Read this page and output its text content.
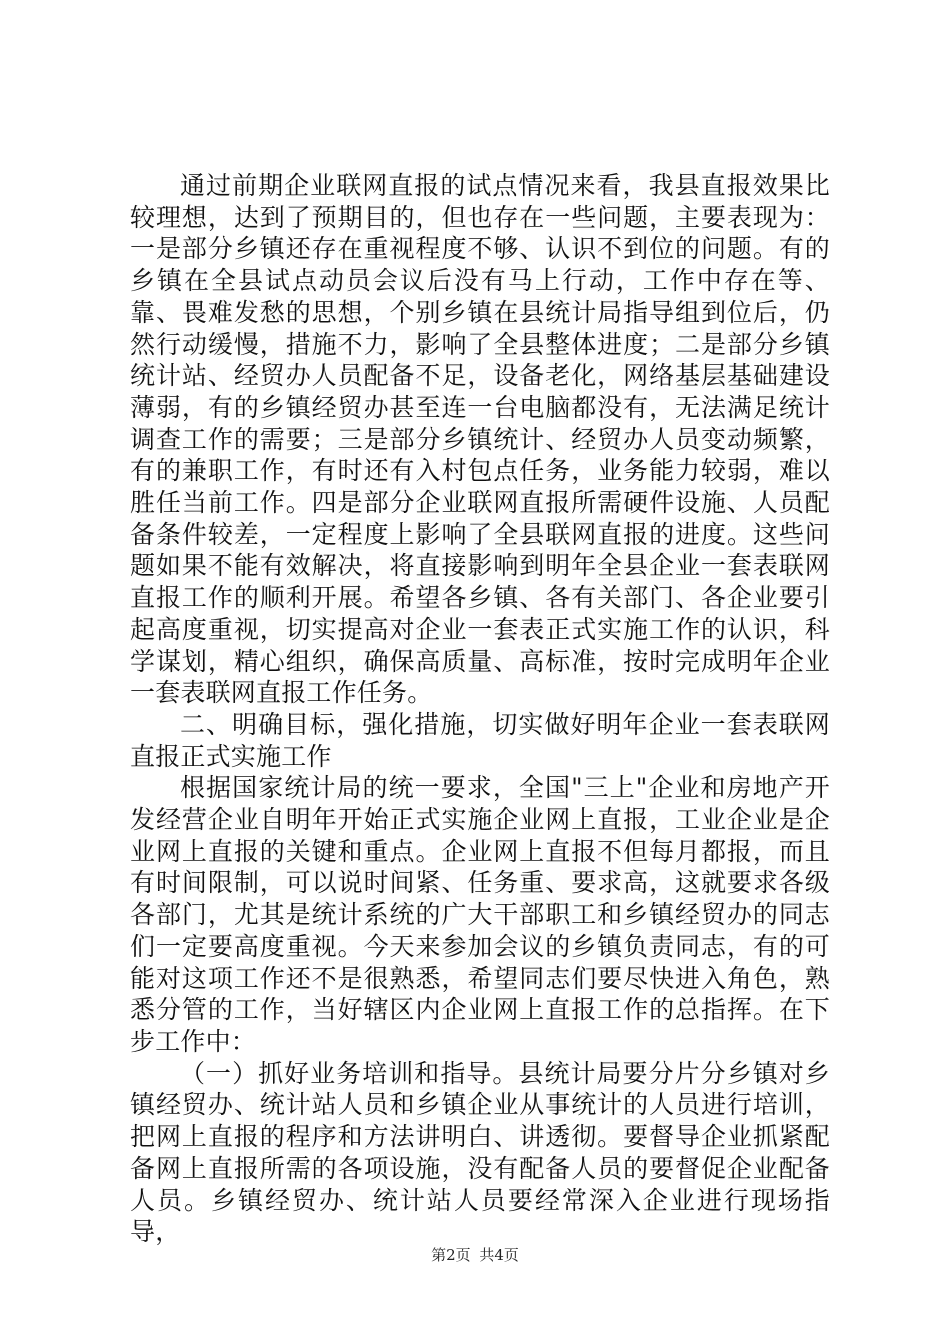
通过前期企业联网直报的试点情况来看，我县直报效果比较理想，达到了预期目的，但也存在一些问题，主要表现为：一是部分乡镇还存在重视程度不够、认识不到位的问题。有的乡镇在全县试点动员会议后没有马上行动，工作中存在等、靠、畏难发愁的思想，个别乡镇在县统计局指导组到位后，仍然行动缓慢，措施不力，影响了全县整体进度；二是部分乡镇统计站、经贸办人员配备不足，设备老化，网络基层基础建设薄弱，有的乡镇经贸办甚至连一台电脑都没有，无法满足统计调查工作的需要；三是部分乡镇统计、经贸办人员变动频繁，有的兼职工作，有时还有入村包点任务，业务能力较弱，难以胜任当前工作。四是部分企业联网直报所需硬件设施、人员配备条件较差，一定程度上影响了全县联网直报的进度。这些问题如果不能有效解决，将直接影响到明年全县企业一套表联网直报工作的顺利开展。希望各乡镇、各有关部门、各企业要引起高度重视，切实提高对企业一套表正式实施工作的认识，科学谋划，精心组织，确保高质量、高标准，按时完成明年企业一套表联网直报工作任务。

二、明确目标，强化措施，切实做好明年企业一套表联网直报正式实施工作

根据国家统计局的统一要求，全国"三上"企业和房地产开发经营企业自明年开始正式实施企业网上直报，工业企业是企业网上直报的关键和重点。企业网上直报不但每月都报，而且有时间限制，可以说时间紧、任务重、要求高，这就要求各级各部门，尤其是统计系统的广大干部职工和乡镇经贸办的同志们一定要高度重视。今天来参加会议的乡镇负责同志，有的可能对这项工作还不是很熟悉，希望同志们要尽快进入角色，熟悉分管的工作，当好辖区内企业网上直报工作的总指挥。在下步工作中：

（一）抓好业务培训和指导。县统计局要分片分乡镇对乡镇经贸办、统计站人员和乡镇企业从事统计的人员进行培训，把网上直报的程序和方法讲明白、讲透彻。要督导企业抓紧配备网上直报所需的各项设施，没有配备人员的要督促企业配备人员。乡镇经贸办、统计站人员要经常深入企业进行现场指导，

第2页 共4页
